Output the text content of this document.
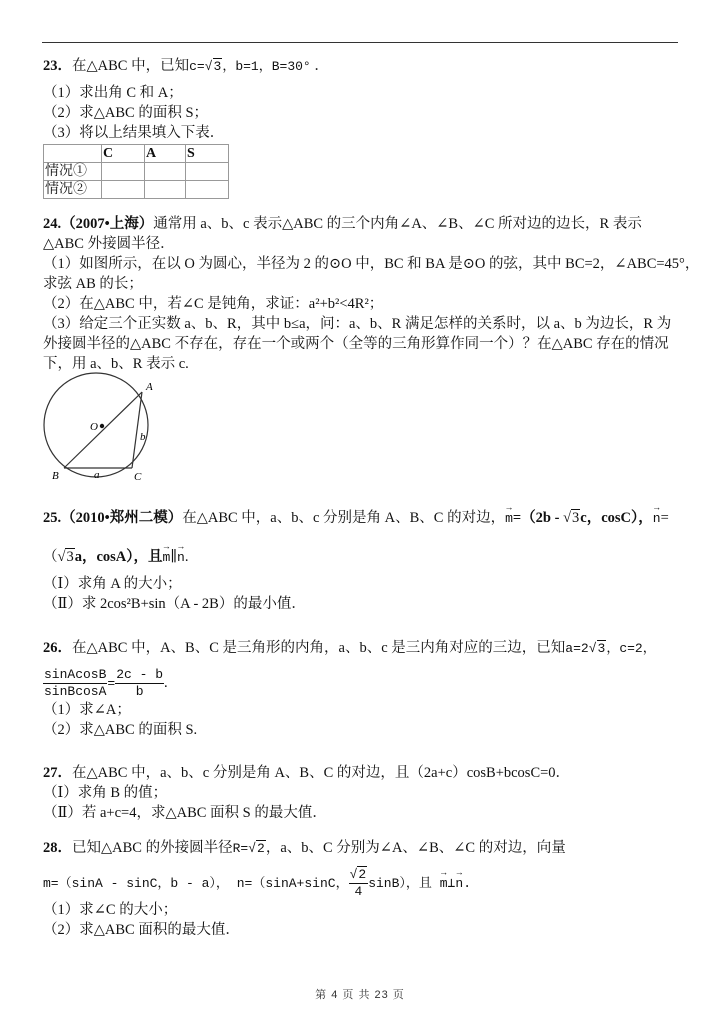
23．在△ABC 中，已知c=√3，b=1，B=30° ．
（1）求出角 C 和 A；
（2）求△ABC 的面积 S；
（3）将以上结果填入下表．
	C	A	S
情况①			
情况②			
24.（2007•上海）通常用 a、b、c 表示△ABC 的三个内角∠A、∠B、∠C 所对边的边长，R 表示
△ABC 外接圆半径．
（1）如图所示，在以 O 为圆心，半径为 2 的⊙O 中，BC 和 BA 是⊙O 的弦，其中 BC=2，∠ABC=45°，
求弦 AB 的长；
（2）在△ABC 中，若∠C 是钝角，求证：a²+b²<4R²；
（3）给定三个正实数 a、b、R，其中 b≤a，问：a、b、R 满足怎样的关系时，以 a、b 为边长，R 为
外接圆半径的△ABC 不存在，存在一个或两个（全等的三角形算作同一个）？在△ABC 存在的情况
下，用 a、b、R 表示 c.
A
B	C
O
a
b
25.（2010•郑州二模）在△ABC 中，a、b、c 分别是角 A、B、C 的对边，→ m=（2b - √3c，cosC），→ n=
（√3a，cosA），且→ m∥→ n.
（Ⅰ）求角 A 的大小；
（Ⅱ）求 2cos²B+sin（A - 2B）的最小值．
26．在△ABC 中，A、B、C 是三角形的内角，a、b、c 是三内角对应的三边，已知a=2√3，c=2，
$\frac{\text{sinAcosB}}{\text{sinBcosA}} = \frac{2c - b}{b}$ .
（1）求∠A；
（2）求△ABC 的面积 S.
27．在△ABC 中，a、b、c 分别是角 A、B、C 的对边，且（2a+c）cosB+bcosC=0．
（Ⅰ）求角 B 的值；
（Ⅱ）若 a+c=4，求△ABC 面积 S 的最大值．
28．已知△ABC 的外接圆半径R=√2，a、b、C 分别为∠A、∠B、∠C 的对边，向量
m=（sinA - sinC，b - a）， n=（sinA+sinC， $\frac{√2}{4} \sin B$），且 → m⊥→ n.
（1）求∠C 的大小；
（2）求△ABC 面积的最大值．
第 4 页 共 23 页
